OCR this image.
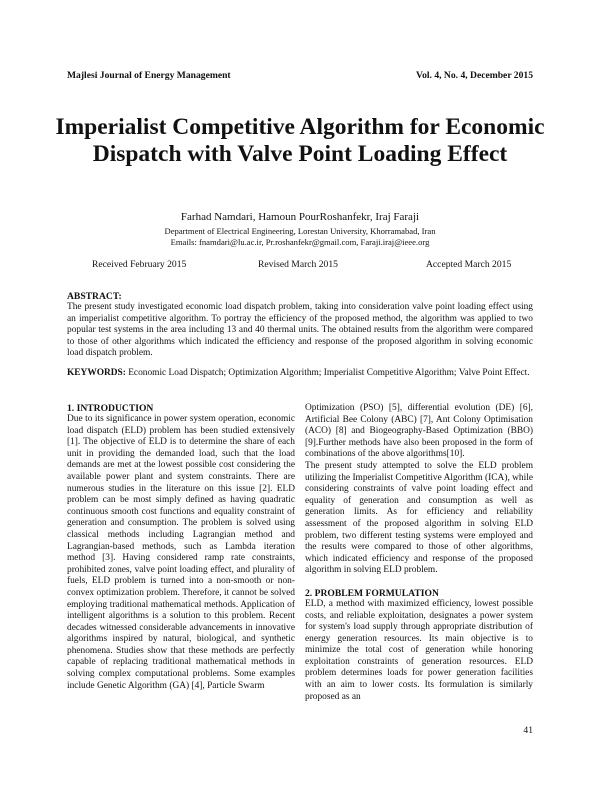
Majlesi Journal of Energy Management	Vol. 4, No. 4, December 2015
Imperialist Competitive Algorithm for Economic Dispatch with Valve Point Loading Effect
Farhad Namdari, Hamoun PourRoshanfekr, Iraj Faraji
Department of Electrical Engineering, Lorestan University, Khorramabad, Iran
Emails: fnamdari@lu.ac.ir, Pr.roshanfekr@gmail.com, Faraji.iraj@ieee.org
Received February 2015	Revised March 2015	Accepted March 2015
ABSTRACT:
The present study investigated economic load dispatch problem, taking into consideration valve point loading effect using an imperialist competitive algorithm. To portray the efficiency of the proposed method, the algorithm was applied to two popular test systems in the area including 13 and 40 thermal units. The obtained results from the algorithm were compared to those of other algorithms which indicated the efficiency and response of the proposed algorithm in solving economic load dispatch problem.
KEYWORDS: Economic Load Dispatch; Optimization Algorithm; Imperialist Competitive Algorithm; Valve Point Effect.
1. INTRODUCTION

Due to its significance in power system operation, economic load dispatch (ELD) problem has been studied extensively [1]. The objective of ELD is to determine the share of each unit in providing the demanded load, such that the load demands are met at the lowest possible cost considering the available power plant and system constraints. There are numerous studies in the literature on this issue [2]. ELD problem can be most simply defined as having quadratic continuous smooth cost functions and equality constraint of generation and consumption. The problem is solved using classical methods including Lagrangian method and Lagrangian-based methods, such as Lambda iteration method [3]. Having considered ramp rate constraints, prohibited zones, valve point loading effect, and plurality of fuels, ELD problem is turned into a non-smooth or non-convex optimization problem. Therefore, it cannot be solved employing traditional mathematical methods. Application of intelligent algorithms is a solution to this problem. Recent decades witnessed considerable advancements in innovative algorithms inspired by natural, biological, and synthetic phenomena. Studies show that these methods are perfectly capable of replacing traditional mathematical methods in solving complex computational problems. Some examples include Genetic Algorithm (GA) [4], Particle Swarm

Optimization (PSO) [5], differential evolution (DE) [6], Artificial Bee Colony (ABC) [7], Ant Colony Optimisation (ACO) [8] and Biogeography-Based Optimization (BBO) [9].Further methods have also been proposed in the form of combinations of the above algorithms[10].

The present study attempted to solve the ELD problem utilizing the Imperialist Competitive Algorithm (ICA), while considering constraints of valve point loading effect and equality of generation and consumption as well as generation limits. As for efficiency and reliability assessment of the proposed algorithm in solving ELD problem, two different testing systems were employed and the results were compared to those of other algorithms, which indicated efficiency and response of the proposed algorithm in solving ELD problem.

2. PROBLEM FORMULATION

ELD, a method with maximized efficiency, lowest possible costs, and reliable exploitation, designates a power system for system's load supply through appropriate distribution of energy generation resources. Its main objective is to minimize the total cost of generation while honoring exploitation constraints of generation resources. ELD problem determines loads for power generation facilities with an aim to lower costs. Its formulation is similarly proposed as an

41
